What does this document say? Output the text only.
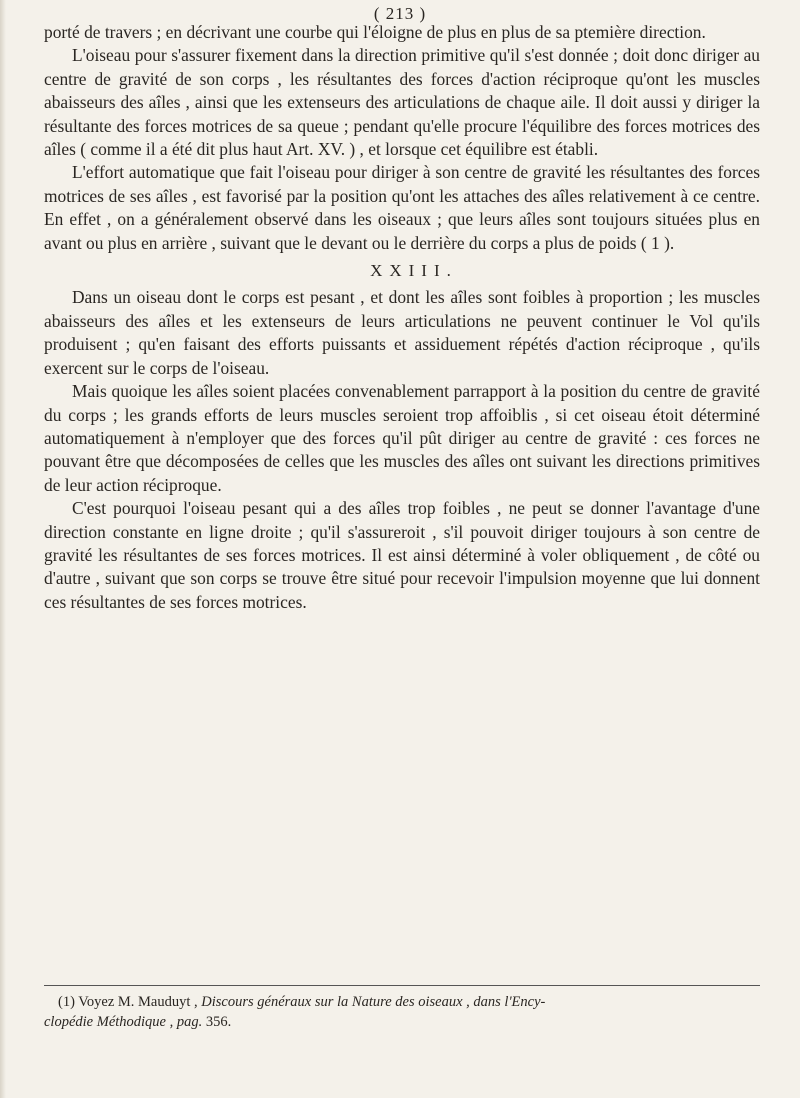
( 213 )

porté de travers ; en décrivant une courbe qui l'éloigne de plus en plus de sa ptemière direction.

L'oiseau pour s'assurer fixement dans la direction primitive qu'il s'est donnée ; doit donc diriger au centre de gravité de son corps , les résultantes des forces d'action réciproque qu'ont les muscles abaisseurs des aîles , ainsi que les extenseurs des articulations de chaque aile. Il doit aussi y diriger la résultante des forces motrices de sa queue ; pendant qu'elle procure l'équilibre des forces motrices des aîles ( comme il a été dit plus haut Art. XV. ) , et lorsque cet équilibre est établi.

L'effort automatique que fait l'oiseau pour diriger à son centre de gravité les résultantes des forces motrices de ses aîles , est favorisé par la position qu'ont les attaches des aîles relativement à ce centre. En effet , on a généralement observé dans les oiseaux ; que leurs aîles sont toujours situées plus en avant ou plus en arrière , suivant que le devant ou le derrière du corps a plus de poids ( 1 ).

XXIII.

Dans un oiseau dont le corps est pesant , et dont les aîles sont foibles à proportion ; les muscles abaisseurs des aîles et les extenseurs de leurs articulations ne peuvent continuer le Vol qu'ils produisent ; qu'en faisant des efforts puissants et assiduement répétés d'action réciproque , qu'ils exercent sur le corps de l'oiseau.

Mais quoique les aîles soient placées convenablement parrapport à la position du centre de gravité du corps ; les grands efforts de leurs muscles seroient trop affoiblis , si cet oiseau étoit déterminé automatiquement à n'employer que des forces qu'il pût diriger au centre de gravité : ces forces ne pouvant être que décomposées de celles que les muscles des aîles ont suivant les directions primitives de leur action réciproque.

C'est pourquoi l'oiseau pesant qui a des aîles trop foibles , ne peut se donner l'avantage d'une direction constante en ligne droite ; qu'il s'assureroit , s'il pouvoit diriger toujours à son centre de gravité les résultantes de ses forces motrices. Il est ainsi déterminé à voler obliquement , de côté ou d'autre , suivant que son corps se trouve être situé pour recevoir l'impulsion moyenne que lui donnent ces résultantes de ses forces motrices.

(1) Voyez M. Mauduyt , Discours généraux sur la Nature des oiseaux , dans l'Ency-
clopédie Méthodique , pag. 356.
